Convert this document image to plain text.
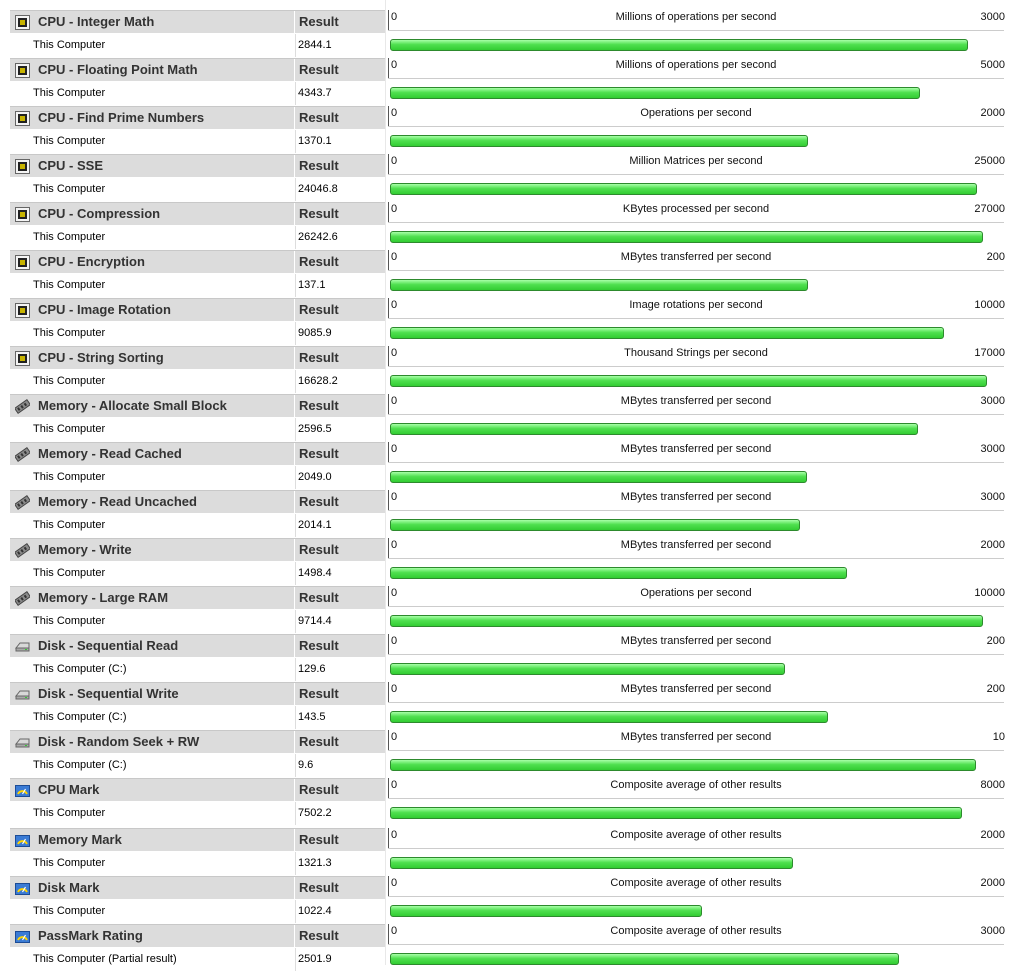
CPU - Integer Math	Result
This Computer	2844.1
0	Millions of operations per second	3000
CPU - Floating Point Math	Result
This Computer	4343.7
0	Millions of operations per second	5000
CPU - Find Prime Numbers	Result
This Computer	1370.1
0	Operations per second	2000
CPU - SSE	Result
This Computer	24046.8
0	Million Matrices per second	25000
CPU - Compression	Result
This Computer	26242.6
0	KBytes processed per second	27000
CPU - Encryption	Result
This Computer	137.1
0	MBytes transferred per second	200
CPU - Image Rotation	Result
This Computer	9085.9
0	Image rotations per second	10000
CPU - String Sorting	Result
This Computer	16628.2
0	Thousand Strings per second	17000
Memory - Allocate Small Block	Result
This Computer	2596.5
0	MBytes transferred per second	3000
Memory - Read Cached	Result
This Computer	2049.0
0	MBytes transferred per second	3000
Memory - Read Uncached	Result
This Computer	2014.1
0	MBytes transferred per second	3000
Memory - Write	Result
This Computer	1498.4
0	MBytes transferred per second	2000
Memory - Large RAM	Result
This Computer	9714.4
0	Operations per second	10000
Disk - Sequential Read	Result
This Computer (C:)	129.6
0	MBytes transferred per second	200
Disk - Sequential Write	Result
This Computer (C:)	143.5
0	MBytes transferred per second	200
Disk - Random Seek + RW	Result
This Computer (C:)	9.6
0	MBytes transferred per second	10
CPU Mark	Result
This Computer	7502.2
0	Composite average of other results	8000
Memory Mark	Result
This Computer	1321.3
0	Composite average of other results	2000
Disk Mark	Result
This Computer	1022.4
0	Composite average of other results	2000
PassMark Rating	Result
This Computer (Partial result)	2501.9
0	Composite average of other results	3000
